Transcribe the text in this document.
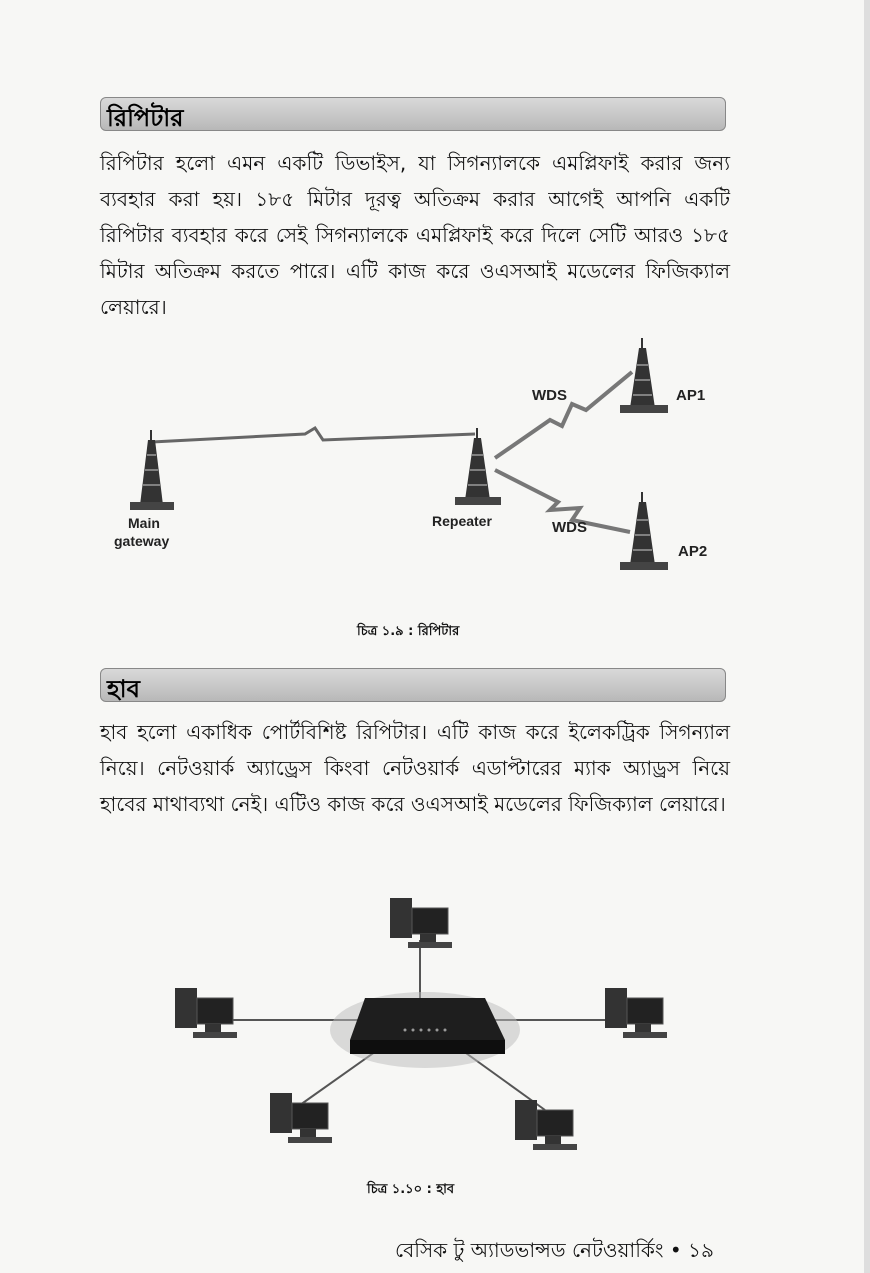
রিপিটার
রিপিটার হলো এমন একটি ডিভাইস, যা সিগন্যালকে এমপ্লিফাই করার জন্য ব্যবহার করা হয়। ১৮৫ মিটার দূরত্ব অতিক্রম করার আগেই আপনি একটি রিপিটার ব্যবহার করে সেই সিগন্যালকে এমপ্লিফাই করে দিলে সেটি আরও ১৮৫ মিটার অতিক্রম করতে পারে। এটি কাজ করে ওএসআই মডেলের ফিজিক্যাল লেয়ারে।
Main
gateway
Repeater
AP1
WDS
AP2
WDS
চিত্র ১.৯ : রিপিটার
হাব
হাব হলো একাধিক পোর্টবিশিষ্ট রিপিটার। এটি কাজ করে ইলেকট্রিক সিগন্যাল নিয়ে। নেটওয়ার্ক অ্যাড্রেস কিংবা নেটওয়ার্ক এডাপ্টারের ম্যাক অ্যাড্রস নিয়ে হাবের মাথাব্যথা নেই। এটিও কাজ করে ওএসআই মডেলের ফিজিক্যাল লেয়ারে।
চিত্র ১.১০ : হাব
বেসিক টু অ্যাডভান্সড নেটওয়ার্কিং • ১৯
